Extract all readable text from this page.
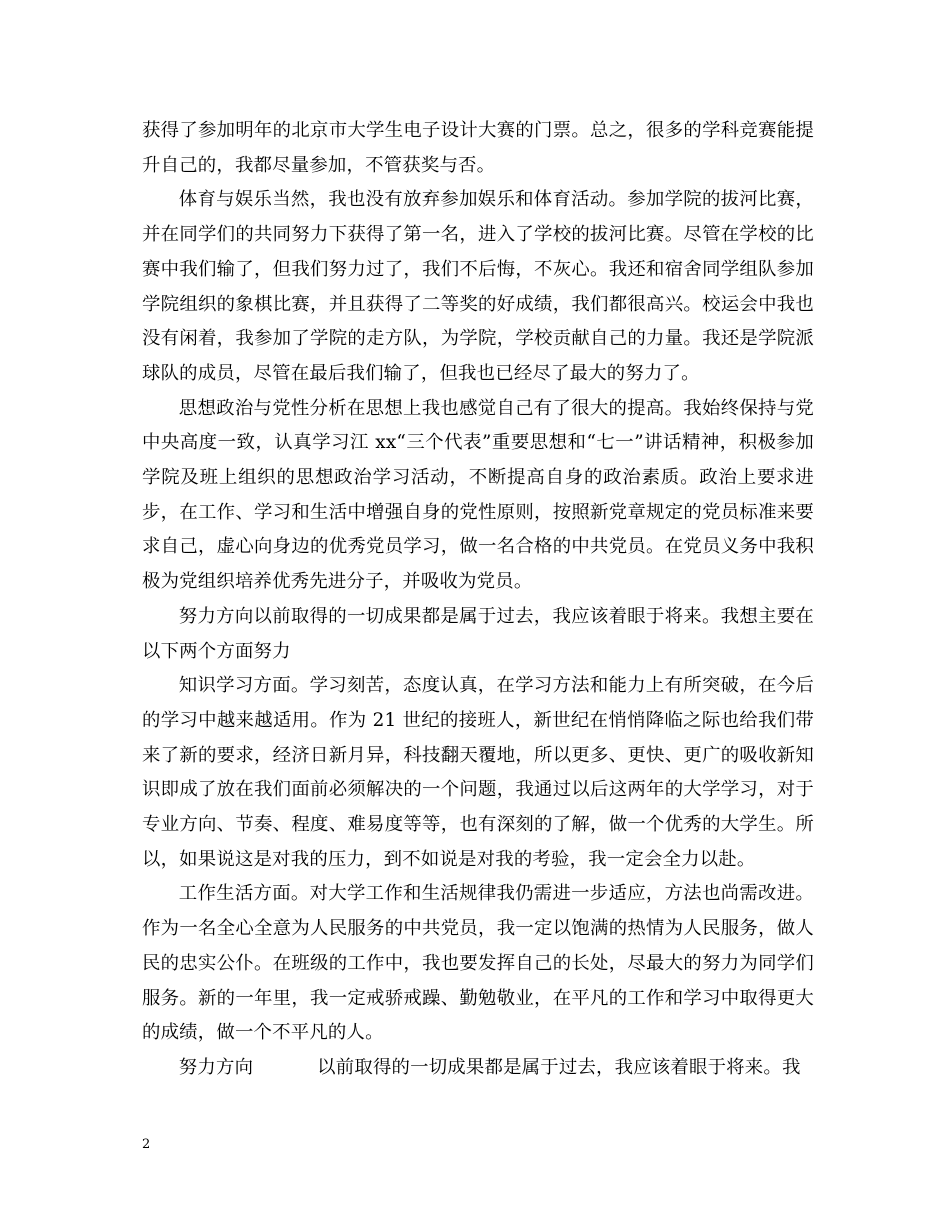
获得了参加明年的北京市大学生电子设计大赛的门票。总之，很多的学科竞赛能提升自己的，我都尽量参加，不管获奖与否。

体育与娱乐当然，我也没有放弃参加娱乐和体育活动。参加学院的拔河比赛，并在同学们的共同努力下获得了第一名，进入了学校的拔河比赛。尽管在学校的比赛中我们输了，但我们努力过了，我们不后悔，不灰心。我还和宿舍同学组队参加学院组织的象棋比赛，并且获得了二等奖的好成绩，我们都很高兴。校运会中我也没有闲着，我参加了学院的走方队，为学院，学校贡献自己的力量。我还是学院派球队的成员，尽管在最后我们输了，但我也已经尽了最大的努力了。

思想政治与党性分析在思想上我也感觉自己有了很大的提高。我始终保持与党中央高度一致，认真学习江 xx“三个代表”重要思想和“七一”讲话精神，积极参加学院及班上组织的思想政治学习活动，不断提高自身的政治素质。政治上要求进步，在工作、学习和生活中增强自身的党性原则，按照新党章规定的党员标准来要求自己，虚心向身边的优秀党员学习，做一名合格的中共党员。在党员义务中我积极为党组织培养优秀先进分子，并吸收为党员。

努力方向以前取得的一切成果都是属于过去，我应该着眼于将来。我想主要在以下两个方面努力

知识学习方面。学习刻苦，态度认真，在学习方法和能力上有所突破，在今后的学习中越来越适用。作为 21 世纪的接班人，新世纪在悄悄降临之际也给我们带来了新的要求，经济日新月异，科技翻天覆地，所以更多、更快、更广的吸收新知识即成了放在我们面前必须解决的一个问题，我通过以后这两年的大学学习，对于专业方向、节奏、程度、难易度等等，也有深刻的了解，做一个优秀的大学生。所以，如果说这是对我的压力，到不如说是对我的考验，我一定会全力以赴。

工作生活方面。对大学工作和生活规律我仍需进一步适应，方法也尚需改进。作为一名全心全意为人民服务的中共党员，我一定以饱满的热情为人民服务，做人民的忠实公仆。在班级的工作中，我也要发挥自己的长处，尽最大的努力为同学们服务。新的一年里，我一定戒骄戒躁、勤勉敬业，在平凡的工作和学习中取得更大的成绩，做一个不平凡的人。

努力方向	以前取得的一切成果都是属于过去，我应该着眼于将来。我

2
